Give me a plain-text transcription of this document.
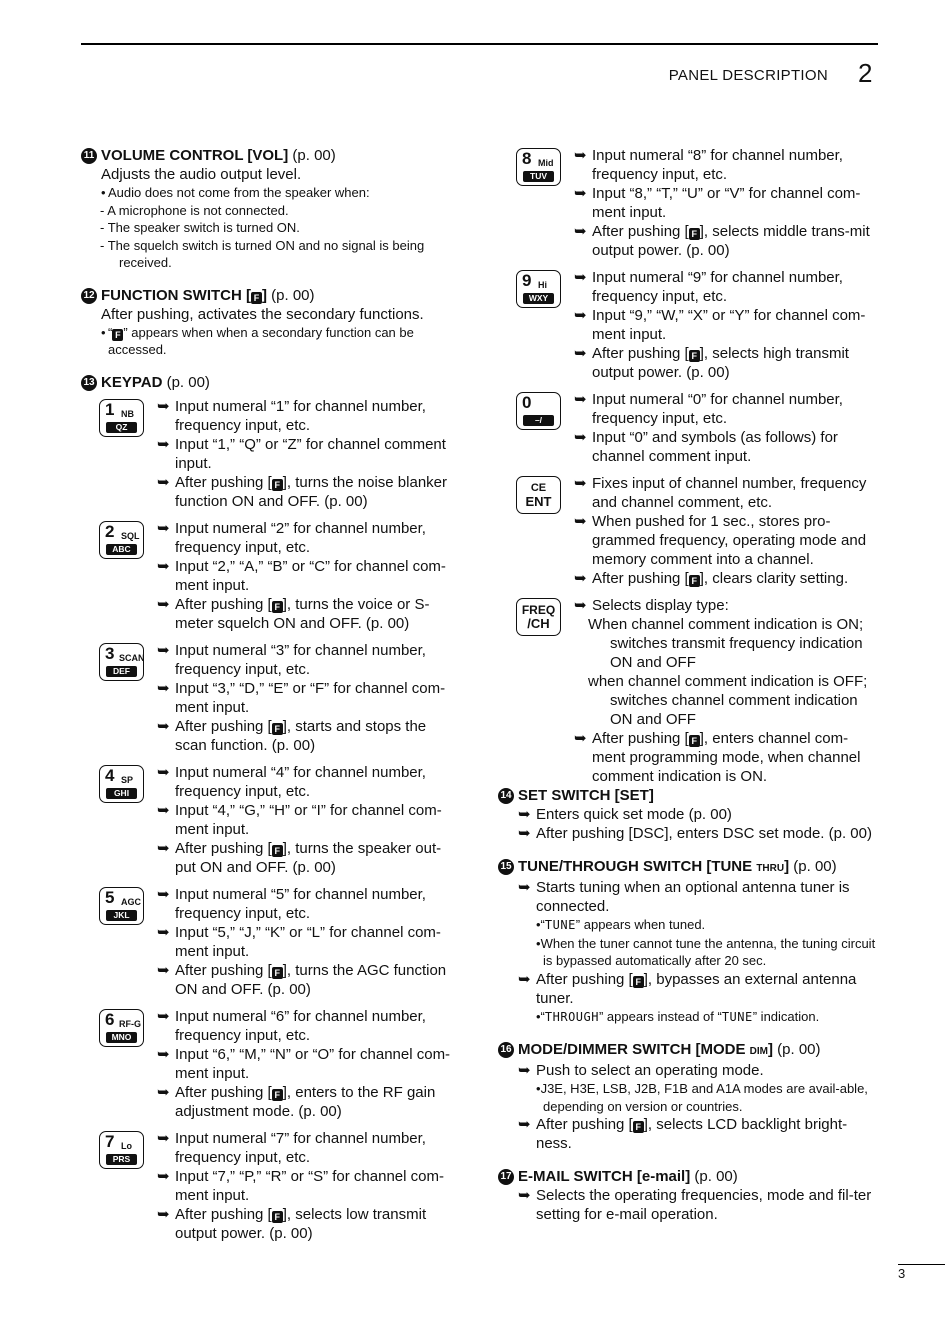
PANEL DESCRIPTION 2
11 VOLUME CONTROL [VOL] (p. 00)
Adjusts the audio output level.
• Audio does not come from the speaker when:
- A microphone is not connected.
- The speaker switch is turned ON.
- The squelch switch is turned ON and no signal is being
received.
12 FUNCTION SWITCH [ F ] (p. 00)
After pushing, activates the secondary functions.
• “ F ” appears when when a secondary function can be
accessed.
13 KEYPAD (p. 00)
1 NB
QZ
➥ Input numeral “1” for channel number, frequency input, etc.
➥ Input “1,” “Q” or “Z” for channel comment input.
➥ After pushing [ F ], turns the noise blanker function ON and OFF. (p. 00)
2 SQL
ABC
➥ Input numeral “2” for channel number, frequency input, etc.
➥ Input “2,” “A,” “B” or “C” for channel com-ment input.
➥ After pushing [ F ], turns the voice or S-meter squelch ON and OFF. (p. 00)
3 SCAN
DEF
➥ Input numeral “3” for channel number, frequency input, etc.
➥ Input “3,” “D,” “E” or “F” for channel com-ment input.
➥ After pushing [ F ], starts and stops the scan function. (p. 00)
4 SP
GHI
➥ Input numeral “4” for channel number, frequency input, etc.
➥ Input “4,” “G,” “H” or “I” for channel com-ment input.
➥ After pushing [ F ], turns the speaker out-put ON and OFF. (p. 00)
5 AGC
JKL
➥ Input numeral “5” for channel number, frequency input, etc.
➥ Input “5,” “J,” “K” or “L” for channel com-ment input.
➥ After pushing [ F ], turns the AGC function ON and OFF. (p. 00)
6 RF-G
MNO
➥ Input numeral “6” for channel number, frequency input, etc.
➥ Input “6,” “M,” “N” or “O” for channel com-ment input.
➥ After pushing [ F ], enters to the RF gain adjustment mode. (p. 00)
7 Lo
PRS
➥ Input numeral “7” for channel number, frequency input, etc.
➥ Input “7,” “P,” “R” or “S” for channel com-ment input.
➥ After pushing [ F ], selects low transmit output power. (p. 00)
8 Mid
TUV
➥ Input numeral “8” for channel number, frequency input, etc.
➥ Input “8,” “T,” “U” or “V” for channel com-ment input.
➥ After pushing [ F ], selects middle trans-mit output power. (p. 00)
9 Hi
WXY
➥ Input numeral “9” for channel number, frequency input, etc.
➥ Input “9,” “W,” “X” or “Y” for channel com-ment input.
➥ After pushing [ F ], selects high transmit output power. (p. 00)
0
–/
➥ Input numeral “0” for channel number, frequency input, etc.
➥ Input “0” and symbols (as follows) for channel comment input.
CE
ENT
➥ Fixes input of channel number, frequency and channel comment, etc.
➥ When pushed for 1 sec., stores pro-grammed frequency, operating mode and memory comment into a channel.
➥ After pushing [ F ], clears clarity setting.
FREQ
/CH
➥ Selects display type:
When channel comment indication is ON;
switches transmit frequency indication ON and OFF
when channel comment indication is OFF;
switches channel comment indication ON and OFF
➥ After pushing [ F ], enters channel com-ment programming mode, when channel comment indication is ON.
14 SET SWITCH [SET]
➥ Enters quick set mode (p. 00)
➥ After pushing [DSC], enters DSC set mode. (p. 00)
15 TUNE/THROUGH SWITCH [TUNE THRU] (p. 00)
➥ Starts tuning when an optional antenna tuner is connected.
•“TUNE” appears when tuned.
•When the tuner cannot tune the antenna, the tuning circuit is bypassed automatically after 20 sec.
➥ After pushing [ F ], bypasses an external antenna tuner.
•“THROUGH” appears instead of “TUNE” indication.
16 MODE/DIMMER SWITCH [MODE DIM] (p. 00)
➥ Push to select an operating mode.
•J3E, H3E, LSB, J2B, F1B and A1A modes are avail-able, depending on version or countries.
➥ After pushing [ F ], selects LCD backlight bright-ness.
17 E-MAIL SWITCH [e-mail] (p. 00)
➥ Selects the operating frequencies, mode and fil-ter setting for e-mail operation.
3
